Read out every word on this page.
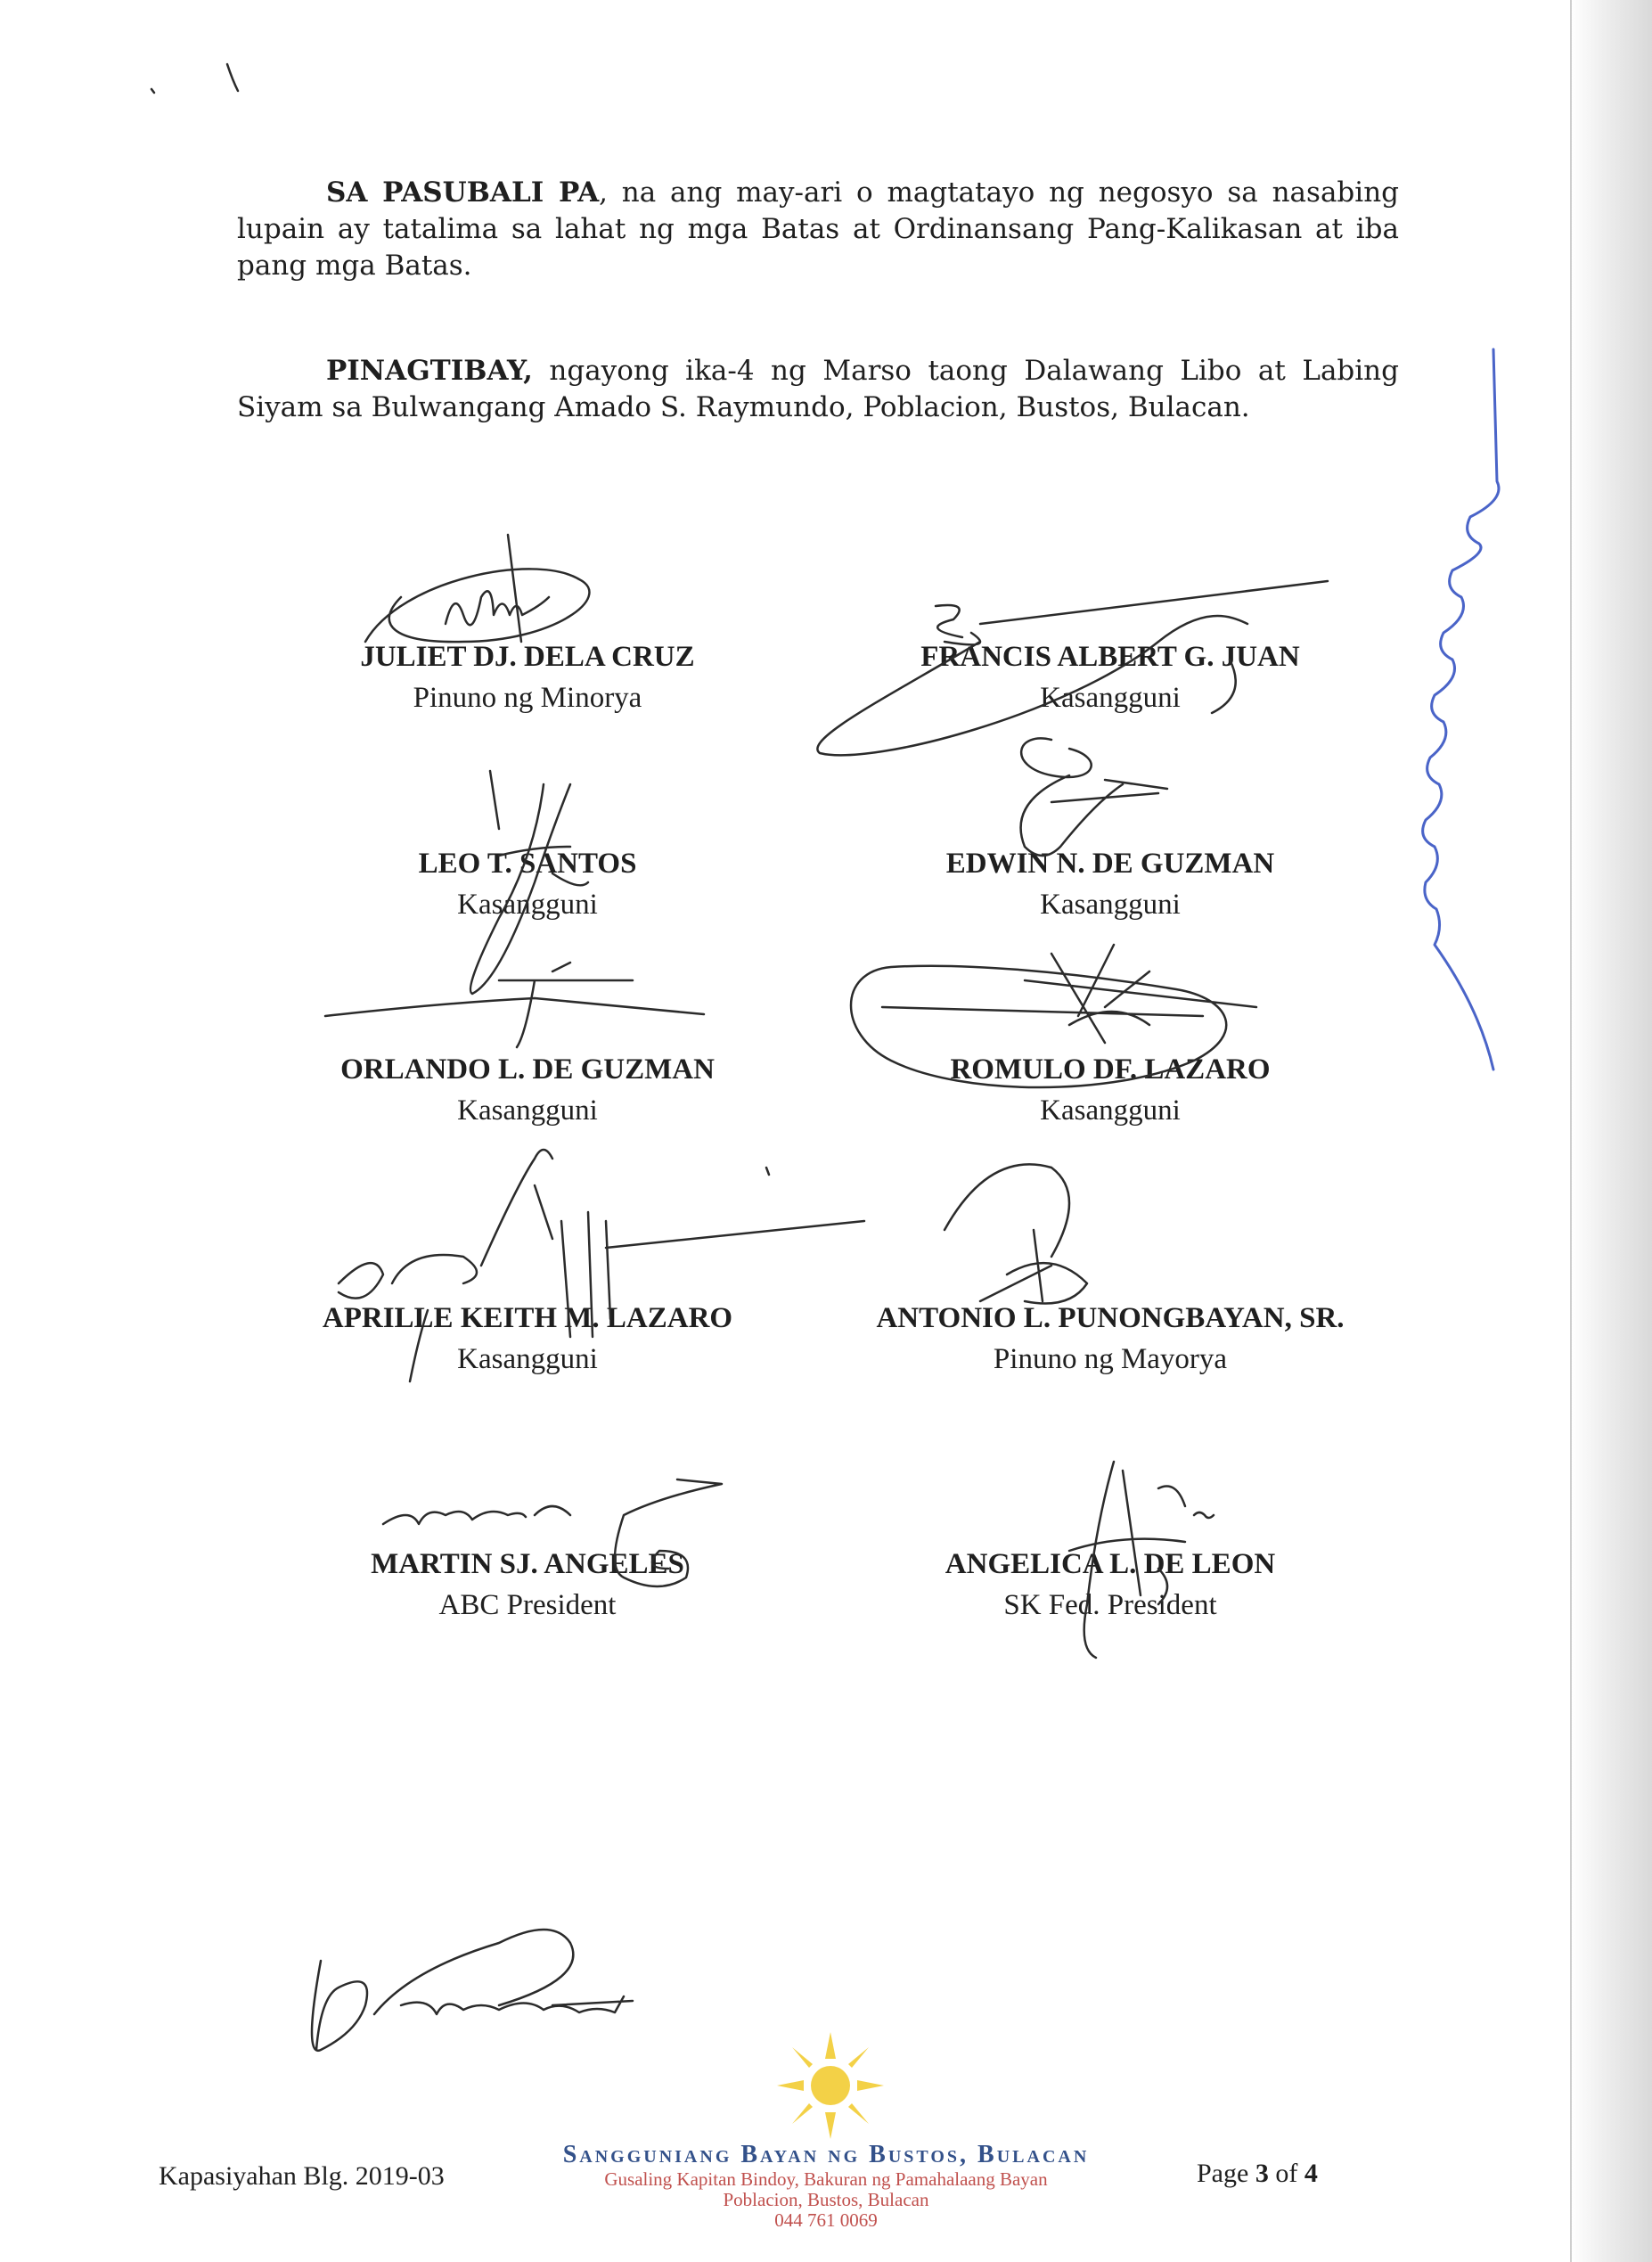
SA PASUBALI PA, na ang may-ari o magtatayo ng negosyo sa nasabing lupain ay tatalima sa lahat ng mga Batas at Ordinansang Pang-Kalikasan at iba pang mga Batas.

PINAGTIBAY, ngayong ika-4 ng Marso taong Dalawang Libo at Labing Siyam sa Bulwangang Amado S. Raymundo, Poblacion, Bustos, Bulacan.

JULIET DJ. DELA CRUZ
Pinuno ng Minorya
FRANCIS ALBERT G. JUAN
Kasangguni
LEO T. SANTOS
Kasangguni
EDWIN N. DE GUZMAN
Kasangguni
ORLANDO L. DE GUZMAN
Kasangguni
ROMULO DF. LAZARO
Kasangguni
APRILLE KEITH M. LAZARO
Kasangguni
ANTONIO L. PUNONGBAYAN, SR.
Pinuno ng Mayorya
MARTIN SJ. ANGELES
ABC President
ANGELICA L. DE LEON
SK Fed. President
Kapasiyahan Blg. 2019-03
Sangguniang Bayan ng Bustos, Bulacan
Gusaling Kapitan Bindoy, Bakuran ng Pamahalaang Bayan
Poblacion, Bustos, Bulacan
044 761 0069
Page 3 of 4
